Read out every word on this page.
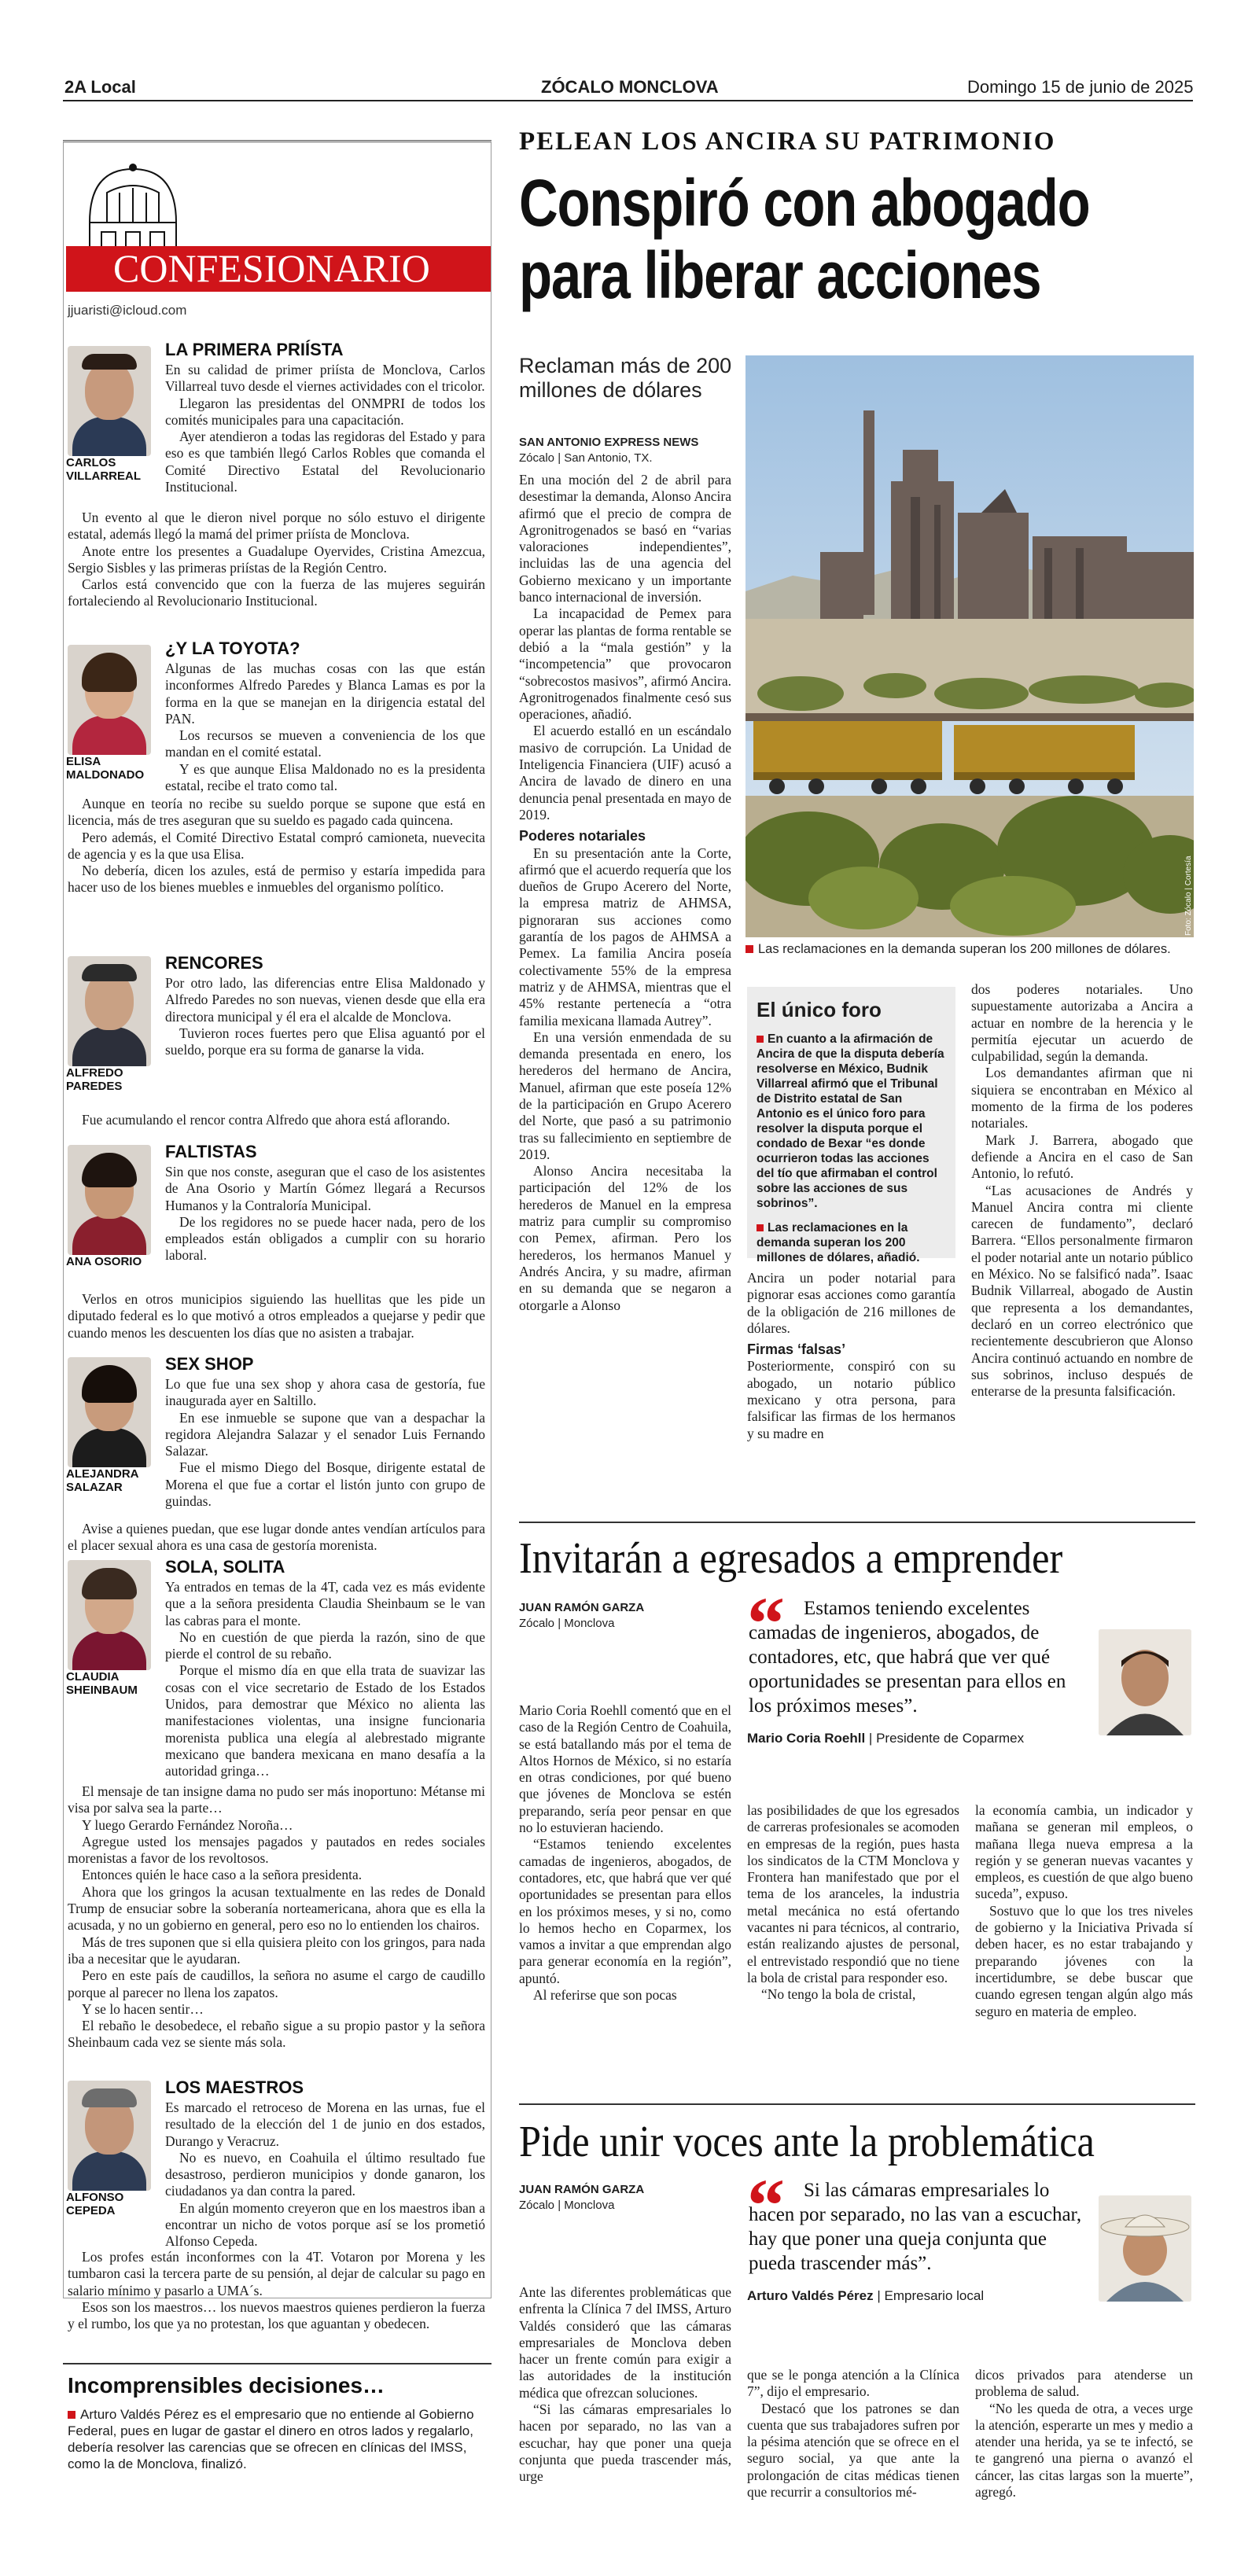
2A Local	ZÓCALO MONCLOVA	Domingo 15 de junio de 2025
CONFESIONARIO
jjuaristi@icloud.com
CARLOS VILLARREAL
LA PRIMERA PRIÍSTA

En su calidad de primer priísta de Monclova, Carlos Villarreal tuvo desde el viernes actividades con el tricolor.

Llegaron las presidentas del ONMPRI de todos los comités municipales para una capacitación.

Ayer atendieron a todas las regidoras del Estado y para eso es que también llegó Carlos Robles que comanda el Comité Directivo Estatal del Revolucionario Institucional.

Un evento al que le dieron nivel porque no sólo estuvo el dirigente estatal, además llegó la mamá del primer priísta de Monclova.

Anote entre los presentes a Guadalupe Oyervides, Cristina Amezcua, Sergio Sisbles y las primeras priístas de la Región Centro.

Carlos está convencido que con la fuerza de las mujeres seguirán fortaleciendo al Revolucionario Institucional.

ELISA MALDONADO
¿Y LA TOYOTA?

Algunas de las muchas cosas con las que están inconformes Alfredo Paredes y Blanca Lamas es por la forma en la que se manejan en la dirigencia estatal del PAN.

Los recursos se mueven a conveniencia de los que mandan en el comité estatal.

Y es que aunque Elisa Maldonado no es la presidenta estatal, recibe el trato como tal.

Aunque en teoría no recibe su sueldo porque se supone que está en licencia, más de tres aseguran que su sueldo es pagado cada quincena.

Pero además, el Comité Directivo Estatal compró camioneta, nuevecita de agencia y es la que usa Elisa.

No debería, dicen los azules, está de permiso y estaría impedida para hacer uso de los bienes muebles e inmuebles del organismo político.

ALFREDO PAREDES
RENCORES

Por otro lado, las diferencias entre Elisa Maldonado y Alfredo Paredes no son nuevas, vienen desde que ella era directora municipal y él era el alcalde de Monclova.

Tuvieron roces fuertes pero que Elisa aguantó por el sueldo, porque era su forma de ganarse la vida.

Fue acumulando el rencor contra Alfredo que ahora está aflorando.

ANA OSORIO
FALTISTAS

Sin que nos conste, aseguran que el caso de los asistentes de Ana Osorio y Martín Gómez llegará a Recursos Humanos y la Contraloría Municipal.

De los regidores no se puede hacer nada, pero de los empleados están obligados a cumplir con su horario laboral.

Verlos en otros municipios siguiendo las huellitas que les pide un diputado federal es lo que motivó a otros empleados a quejarse y pedir que cuando menos les descuenten los días que no asisten a trabajar.

ALEJANDRA SALAZAR
SEX SHOP

Lo que fue una sex shop y ahora casa de gestoría, fue inaugurada ayer en Saltillo.

En ese inmueble se supone que van a despachar la regidora Alejandra Salazar y el senador Luis Fernando Salazar.

Fue el mismo Diego del Bosque, dirigente estatal de Morena el que fue a cortar el listón junto con grupo de guindas.

Avise a quienes puedan, que ese lugar donde antes vendían artículos para el placer sexual ahora es una casa de gestoría morenista.

CLAUDIA SHEINBAUM
SOLA, SOLITA

Ya entrados en temas de la 4T, cada vez es más evidente que a la señora presidenta Claudia Sheinbaum se le van las cabras para el monte.

No en cuestión de que pierda la razón, sino de que pierde el control de su rebaño.

Porque el mismo día en que ella trata de suavizar las cosas con el vice secretario de Estado de los Estados Unidos, para demostrar que México no alienta las manifestaciones violentas, una insigne funcionaria morenista publica una elegía al alebrestado migrante mexicano que bandera mexicana en mano desafía a la autoridad gringa…

El mensaje de tan insigne dama no pudo ser más inoportuno: Métanse mi visa por salva sea la parte…

Y luego Gerardo Fernández Noroña…

Agregue usted los mensajes pagados y pautados en redes sociales morenistas a favor de los revoltosos.

Entonces quién le hace caso a la señora presidenta.

Ahora que los gringos la acusan textualmente en las redes de Donald Trump de ensuciar sobre la soberanía norteamericana, ahora que es ella la acusada, y no un gobierno en general, pero eso no lo entienden los chairos.

Más de tres suponen que si ella quisiera pleito con los gringos, para nada iba a necesitar que le ayudaran.

Pero en este país de caudillos, la señora no asume el cargo de caudillo porque al parecer no llena los zapatos.

Y se lo hacen sentir…

El rebaño le desobedece, el rebaño sigue a su propio pastor y la señora Sheinbaum cada vez se siente más sola.

ALFONSO CEPEDA
LOS MAESTROS

Es marcado el retroceso de Morena en las urnas, fue el resultado de la elección del 1 de junio en dos estados, Durango y Veracruz.

No es nuevo, en Coahuila el último resultado fue desastroso, perdieron municipios y donde ganaron, los ciudadanos ya dan contra la pared.

En algún momento creyeron que en los maestros iban a encontrar un nicho de votos porque así se los prometió Alfonso Cepeda.

Los profes están inconformes con la 4T. Votaron por Morena y les tumbaron casi la tercera parte de su pensión, al dejar de calcular su pago en salario mínimo y pasarlo a UMA´s.

Esos son los maestros… los nuevos maestros quienes perdieron la fuerza y el rumbo, los que ya no protestan, los que aguantan y obedecen.

Incomprensibles decisiones…
Arturo Valdés Pérez es el empresario que no entiende al Gobierno Federal, pues en lugar de gastar el dinero en otros lados y regalarlo, debería resolver las carencias que se ofrecen en clínicas del IMSS, como la de Monclova, finalizó.
PELEAN LOS ANCIRA SU PATRIMONIO
Conspiró con abogado
para liberar acciones
Reclaman más de 200 millones de dólares
SAN ANTONIO EXPRESS NEWS
Zócalo | San Antonio, TX.
Foto: Zócalo | Cortesía
Las reclamaciones en la demanda superan los 200 millones de dólares.

En una moción del 2 de abril para desestimar la demanda, Alonso Ancira afirmó que el precio de compra de Agronitrogenados se basó en “varias valoraciones independientes”, incluidas las de una agencia del Gobierno mexicano y un importante banco internacional de inversión.

La incapacidad de Pemex para operar las plantas de forma rentable se debió a la “mala gestión” y la “incompetencia” que provocaron “sobrecostos masivos”, afirmó Ancira. Agronitrogenados finalmente cesó sus operaciones, añadió.

El acuerdo estalló en un escándalo masivo de corrupción. La Unidad de Inteligencia Financiera (UIF) acusó a Ancira de lavado de dinero en una denuncia penal presentada en mayo de 2019.

Poderes notariales

En su presentación ante la Corte, afirmó que el acuerdo requería que los dueños de Grupo Acerero del Norte, la empresa matriz de AHMSA, pignoraran sus acciones como garantía de los pagos de AHMSA a Pemex. La familia Ancira poseía colectivamente 55% de la empresa matriz y de AHMSA, mientras que el 45% restante pertenecía a “otra familia mexicana llamada Autrey”.

En una versión enmendada de su demanda presentada en enero, los herederos del hermano de Ancira, Manuel, afirman que este poseía 12% de la participación en Grupo Acerero del Norte, que pasó a su patrimonio tras su fallecimiento en septiembre de 2019.

Alonso Ancira necesitaba la participación del 12% de los herederos de Manuel en la empresa matriz para cumplir su compromiso con Pemex, afirman. Pero los herederos, los hermanos Manuel y Andrés Ancira, y su madre, afirman en su demanda que se negaron a otorgarle a Alonso

El único foro

En cuanto a la afirmación de Ancira de que la disputa debería resolverse en México, Budnik Villarreal afirmó que el Tribunal de Distrito estatal de San Antonio es el único foro para resolver la disputa porque el condado de Bexar “es donde ocurrieron todas las acciones del tío que afirmaban el control sobre las acciones de sus sobrinos”.

Las reclamaciones en la demanda superan los 200 millones de dólares, añadió.

Ancira un poder notarial para pignorar esas acciones como garantía de la obligación de 216 millones de dólares.

Firmas ‘falsas’

Posteriormente, conspiró con su abogado, un notario público mexicano y otra persona, para falsificar las firmas de los hermanos y su madre en

dos poderes notariales. Uno supuestamente autorizaba a Ancira a actuar en nombre de la herencia y le permitía ejecutar un acuerdo de culpabilidad, según la demanda.

Los demandantes afirman que ni siquiera se encontraban en México al momento de la firma de los poderes notariales.

Mark J. Barrera, abogado que defiende a Ancira en el caso de San Antonio, lo refutó.

“Las acusaciones de Andrés y Manuel Ancira contra mi cliente carecen de fundamento”, declaró Barrera. “Ellos personalmente firmaron el poder notarial ante un notario público en México. No se falsificó nada”. Isaac Budnik Villarreal, abogado de Austin que representa a los demandantes, declaró en un correo electrónico que recientemente descubrieron que Alonso Ancira continuó actuando en nombre de sus sobrinos, incluso después de enterarse de la presunta falsificación.

Invitarán a egresados a emprender
JUAN RAMÓN GARZA
Zócalo | Monclova	“ Estamos teniendo excelentes camadas de ingenieros, abogados, de contadores, etc, que habrá que ver qué oportunidades se presentan para ellos en los próximos meses”.
Mario Coria Roehll | Presidente de Coparmex

Mario Coria Roehll comentó que en el caso de la Región Centro de Coahuila, se está batallando más por el tema de Altos Hornos de México, si no estaría en otras condiciones, por qué bueno que jóvenes de Monclova se estén preparando, sería peor pensar en que no lo estuvieran haciendo.

“Estamos teniendo excelentes camadas de ingenieros, abogados, de contadores, etc, que habrá que ver qué oportunidades se presentan para ellos en los próximos meses, y si no, como lo hemos hecho en Coparmex, los vamos a invitar a que emprendan algo para generar economía en la región”, apuntó.

Al referirse que son pocas

las posibilidades de que los egresados de carreras profesionales se acomoden en empresas de la región, pues hasta los sindicatos de la CTM Monclova y Frontera han manifestado que por el tema de los aranceles, la industria metal mecánica no está ofertando vacantes ni para técnicos, al contrario, están realizando ajustes de personal, el entrevistado respondió que no tiene la bola de cristal para responder eso.

“No tengo la bola de cristal,

la economía cambia, un indicador y mañana se generan mil empleos, o mañana llega nueva empresa a la región y se generan nuevas vacantes y empleos, es cuestión de que algo bueno suceda”, expuso.

Sostuvo que lo que los tres niveles de gobierno y la Iniciativa Privada sí deben hacer, es no estar trabajando y preparando jóvenes con la incertidumbre, se debe buscar que cuando egresen tengan algún algo más seguro en materia de empleo.

Pide unir voces ante la problemática
JUAN RAMÓN GARZA
Zócalo | Monclova	“ Si las cámaras empresariales lo hacen por separado, no las van a escuchar, hay que poner una queja conjunta que pueda trascender más”.
Arturo Valdés Pérez | Empresario local

Ante las diferentes problemáticas que enfrenta la Clínica 7 del IMSS, Arturo Valdés consideró que las cámaras empresariales de Monclova deben hacer un frente común para exigir a las autoridades de la institución médica que ofrezcan soluciones.

“Si las cámaras empresariales lo hacen por separado, no las van a escuchar, hay que poner una queja conjunta que pueda trascender más, urge

que se le ponga atención a la Clínica 7”, dijo el empresario.

Destacó que los patrones se dan cuenta que sus trabajadores sufren por la pésima atención que se ofrece en el seguro social, ya que ante la prolongación de citas médicas tienen que recurrir a consultorios mé-

dicos privados para atenderse un problema de salud.

“No les queda de otra, a veces urge la atención, esperarte un mes y medio a atender una herida, ya se te infectó, se te gangrenó una pierna o avanzó el cáncer, las citas largas son la muerte”, agregó.
